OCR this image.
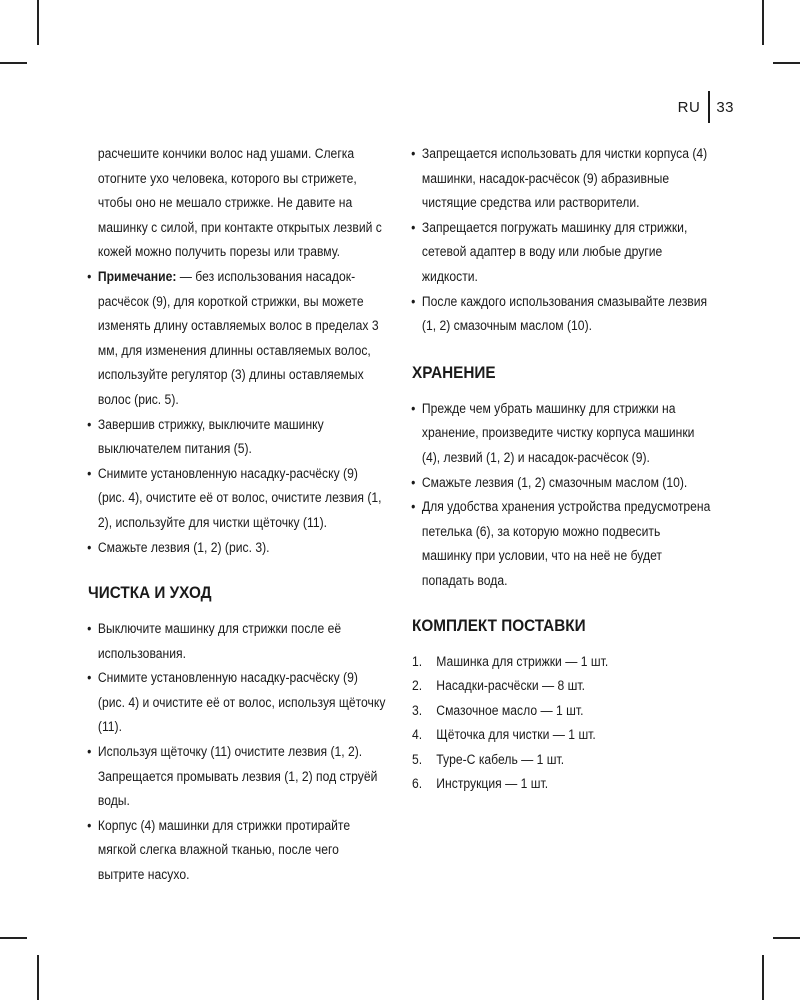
RU	33

расчешите кончики волос над ушами. Слегка отогните ухо человека, которого вы стрижете, чтобы оно не мешало стрижке. Не давите на машинку с силой, при контакте открытых лезвий с кожей можно получить порезы или травму.

• Примечание: — без использования насадок-расчёсок (9), для короткой стрижки, вы можете изменять длину оставляемых волос в пределах 3 мм, для изменения длинны оставляемых волос, используйте регулятор (3) длины оставляемых волос (рис. 5).
• Завершив стрижку, выключите машинку выключателем питания (5).
• Снимите установленную насадку-расчёску (9) (рис. 4), очистите её от волос, очистите лезвия (1, 2), используйте для чистки щёточку (11).
• Смажьте лезвия (1, 2) (рис. 3).
ЧИСТКА И УХОД
• Выключите машинку для стрижки после её использования.
• Снимите установленную насадку-расчёску (9) (рис. 4) и очистите её от волос, используя щёточку (11).
• Используя щёточку (11) очистите лезвия (1, 2). Запрещается промывать лезвия (1, 2) под струёй воды.
• Корпус (4) машинки для стрижки протирайте мягкой слегка влажной тканью, после чего вытрите насухо.
• Запрещается использовать для чистки корпуса (4) машинки, насадок-расчёсок (9) абразивные чистящие средства или растворители.
• Запрещается погружать машинку для стрижки, сетевой адаптер в воду или любые другие жидкости.
• После каждого использования смазывайте лезвия (1, 2) смазочным маслом (10).
ХРАНЕНИЕ
• Прежде чем убрать машинку для стрижки на хранение, произведите чистку корпуса машинки (4), лезвий (1, 2) и насадок-расчёсок (9).
• Смажьте лезвия (1, 2) смазочным маслом (10).
• Для удобства хранения устройства предусмотрена петелька (6), за которую можно подвесить машинку при условии, что на неё не будет попадать вода.
КОМПЛЕКТ ПОСТАВКИ
1.	Машинка для стрижки — 1 шт.
2.	Насадки-расчёски — 8 шт.
3.	Смазочное масло — 1 шт.
4.	Щёточка для чистки — 1 шт.
5.	Type-C кабель — 1 шт.
6.	Инструкция — 1 шт.
